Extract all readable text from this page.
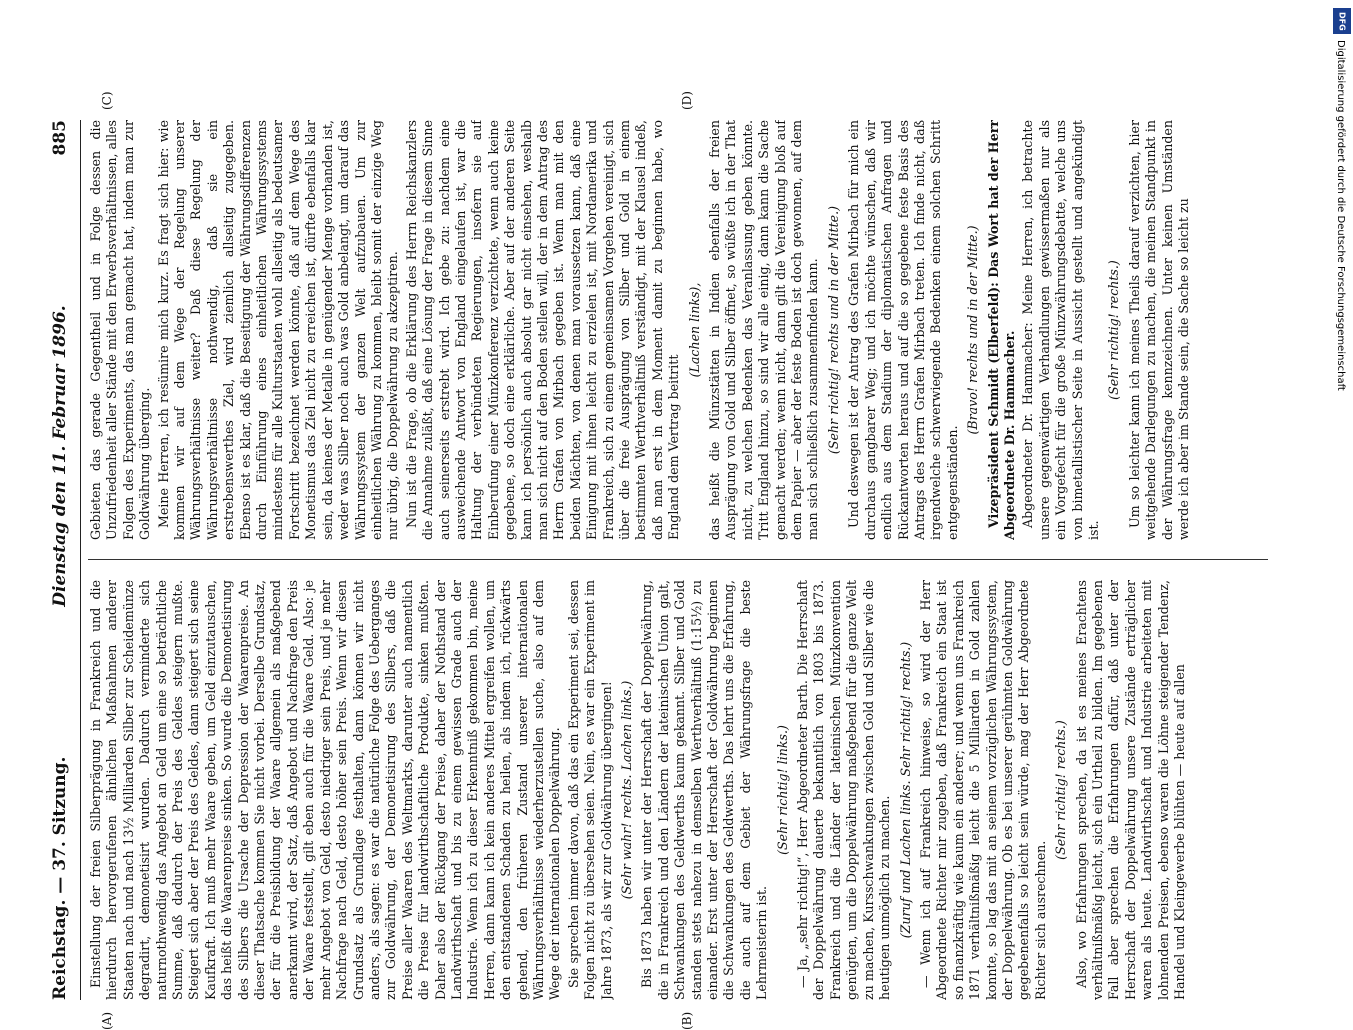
Reichstag. — 37. Sitzung.
Dienstag den 11. Februar 1896.
885

Einstellung der freien Silberprägung in Frankreich und die hierdurch hervorgerufenen ähnlichen Maßnahmen anderer Staaten nach und nach 13½ Milliarden Silber zur Scheidemünze degradirt, demonetisirt wurden. Dadurch verminderte sich naturnothwendig das Angebot an Geld um eine so beträchtliche Summe, daß dadurch der Preis des Geldes steigern mußte. Steigert sich aber der Preis des Geldes, dann steigert sich seine Kaufkraft. Ich muß mehr Waare geben, um Geld einzutauschen, das heißt die Waarenpreise sinken. So wurde die Demonetisirung des Silbers die Ursache der Depression der Waarenpreise. An dieser Thatsache kommen Sie nicht vorbei. Derselbe Grundsatz, der für die Preisbildung der Waare allgemein als maßgebend anerkannt wird, der Satz, daß Angebot und Nachfrage den Preis der Waare feststellt, gilt eben auch für die Waare Geld. Also: je mehr Angebot von Geld, desto niedriger sein Preis, und je mehr Nachfrage nach Geld, desto höher sein Preis. Wenn wir diesen Grundsatz als Grundlage festhalten, dann können wir nicht anders, als sagen: es war die natürliche Folge des Ueberganges zur Goldwährung, der Demonetisirung des Silbers, daß die Preise aller Waaren des Weltmarkts, darunter auch namentlich die Preise für landwirthschaftliche Produkte, sinken mußten. Daher also der Rückgang der Preise, daher der Nothstand der Landwirthschaft und bis zu einem gewissen Grade auch der Industrie. Wenn ich zu dieser Erkenntniß gekommen bin, meine Herren, dann kann ich kein anderes Mittel ergreifen wollen, um den entstandenen Schaden zu heilen, als indem ich, rückwärts gehend, den früheren Zustand unserer internationalen Währungsverhältnisse wiederherzustellen suche, also auf dem Wege der internationalen Doppelwährung. Sie sprechen immer davon, daß das ein Experiment sei, dessen Folgen nicht zu übersehen seien. Nein, es war ein Experiment im Jahre 1873, als wir zur Goldwährung übergingen! (Sehr wahr! rechts. Lachen links.) Bis 1873 haben wir unter der Herrschaft der Doppelwährung, die in Frankreich und den Ländern der lateinischen Union galt, Schwankungen des Geldwerths kaum gekannt. Silber und Gold standen stets nahezu in demselben Werthverhältniß (1:15½) zu einander. Erst unter der Herrschaft der Goldwährung beginnen die Schwankungen des Geldwerths. Das lehrt uns die Erfahrung, die auch auf dem Gebiet der Währungsfrage die beste Lehrmeisterin ist.

(Sehr richtig! links.) — Ja, „sehr richtig!“, Herr Abgeordneter Barth. Die Herrschaft der Doppelwährung dauerte bekanntlich von 1803 bis 1873. Frankreich und die Länder der lateinischen Münzkonvention genügten, um die Doppelwährung maßgebend für die ganze Welt zu machen, Kursschwankungen zwischen Gold und Silber wie die heutigen unmöglich zu machen. (Zuruf und Lachen links. Sehr richtig! rechts.) — Wenn ich auf Frankreich hinweise, so wird der Herr Abgeordnete Richter mir zugeben, daß Frankreich ein Staat ist so finanzkräftig wie kaum ein anderer; und wenn uns Frankreich 1871 verhältnißmäßig leicht die 5 Milliarden in Gold zahlen konnte, so lag das mit an seinem vorzüglichen Währungssystem, der Doppelwährung. Ob es bei unserer gerühmten Goldwährung gegebenenfalls so leicht sein würde, mag der Herr Abgeordnete Richter sich ausrechnen.

(Sehr richtig! rechts.) Also, wo Erfahrungen sprechen, da ist es meines Erachtens verhältnißmäßig leicht, sich ein Urtheil zu bilden. Im gegebenen Fall aber sprechen die Erfahrungen dafür, daß unter der Herrschaft der Doppelwährung unsere Zustände erträglicher waren als heute. Landwirthschaft und Industrie arbeiteten mit lohnenden Preisen, ebenso waren die Löhne steigender Tendenz, Handel und Kleingewerbe blühten — heute auf allen

Gebieten das gerade Gegentheil und in Folge dessen die Unzufriedenheit aller Stände mit den Erwerbsverhältnissen, alles Folgen des Experiments, das man gemacht hat, indem man zur Goldwährung überging. Meine Herren, ich resümire mich kurz. Es fragt sich hier: wie kommen wir auf dem Wege der Regelung unserer Währungsverhältnisse weiter? Daß diese Regelung der Währungsverhältnisse nothwendig, daß sie ein erstrebenswerthes Ziel, wird ziemlich allseitig zugegeben. Ebenso ist es klar, daß die Beseitigung der Währungsdifferenzen durch Einführung eines einheitlichen Währungssystems mindestens für alle Kulturstaaten wohl allseitig als bedeutsamer Fortschritt bezeichnet werden könnte, daß auf dem Wege des Monetismus das Ziel nicht zu erreichen ist, dürfte ebenfalls klar sein, da keines der Metalle in genügender Menge vorhanden ist, weder was Silber noch auch was Gold anbelangt, um darauf das Währungssystem der ganzen Welt aufzubauen. Um zur einheitlichen Währung zu kommen, bleibt somit der einzige Weg nur übrig, die Doppelwährung zu akzeptiren. Nun ist die Frage, ob die Erklärung des Herrn Reichskanzlers die Annahme zuläßt, daß eine Lösung der Frage in diesem Sinne auch seinerseits erstrebt wird. Ich gebe zu: nachdem eine ausweichende Antwort von England eingelaufen ist, war die Haltung der verbündeten Regierungen, insofern sie auf Einberufung einer Münzkonferenz verzichtete, wenn auch keine gegebene, so doch eine erklärliche. Aber auf der anderen Seite kann ich persönlich auch absolut gar nicht einsehen, weshalb man sich nicht auf den Boden stellen will, der in dem Antrag des Herrn Grafen von Mirbach gegeben ist. Wenn man mit den beiden Mächten, von denen man voraussetzen kann, daß eine Einigung mit ihnen leicht zu erzielen ist, mit Nordamerika und Frankreich, sich zu einem gemeinsamen Vorgehen vereinigt, sich über die freie Ausprägung von Silber und Gold in einem bestimmten Werthverhältniß verständigt, mit der Klausel indeß, daß man erst in dem Moment damit zu beginnen habe, wo England dem Vertrag beitritt

(Lachen links), das heißt die Münzstätten in Indien ebenfalls der freien Ausprägung von Gold und Silber öffnet, so wüßte ich in der That nicht, zu welchen Bedenken das Veranlassung geben könnte. Tritt England hinzu, so sind wir alle einig, dann kann die Sache gemacht werden; wenn nicht, dann gilt die Vereinigung bloß auf dem Papier — aber der feste Boden ist doch gewonnen, auf dem man sich schließlich zusammenfinden kann. (Sehr richtig! rechts und in der Mitte.) Und deswegen ist der Antrag des Grafen Mirbach für mich ein durchaus gangbarer Weg; und ich möchte wünschen, daß wir endlich aus dem Stadium der diplomatischen Anfragen und Rückantworten heraus und auf die so gegebene feste Basis des Antrags des Herrn Grafen Mirbach treten. Ich finde nicht, daß irgendwelche schwerwiegende Bedenken einem solchen Schritt entgegenständen.

(Bravo! rechts und in der Mitte.) Vizepräsident Schmidt (Elberfeld): Das Wort hat der Herr Abgeordnete Dr. Hammacher. Abgeordneter Dr. Hammacher: Meine Herren, ich betrachte unsere gegenwärtigen Verhandlungen gewissermaßen nur als ein Vorgefecht für die große Münzwährungsdebatte, welche uns von bimetallistischer Seite in Aussicht gestellt und angekündigt ist.

(Sehr richtig! rechts.) Um so leichter kann ich meines Theils darauf verzichten, hier weitgehende Darlegungen zu machen, die meinen Standpunkt in der Währungsfrage kennzeichnen. Unter keinen Umständen werde ich aber im Stande sein, die Sache so leicht zu

(A)	(B)
(C)	(D)
DFG
Digitalisierung gefördert durch die Deutsche Forschungsgemeinschaft
